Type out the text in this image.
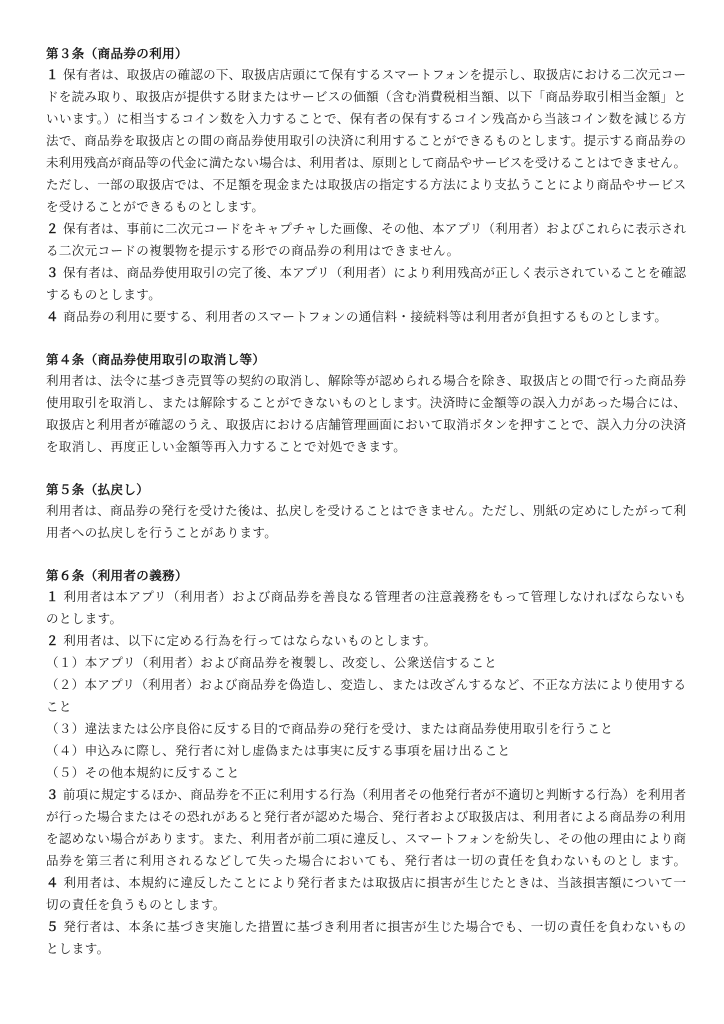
第３条（商品券の利用）
１ 保有者は、取扱店の確認の下、取扱店店頭にて保有するスマートフォンを提示し、取扱店における二次元コー
ドを読み取り、取扱店が提供する財またはサービスの価額（含む消費税相当額、以下「商品券取引相当金額」と
いいます。）に相当するコイン数を入力することで、保有者の保有するコイン残高から当該コイン数を減じる方
法で、商品券を取扱店との間の商品券使用取引の決済に利用することができるものとします。提示する商品券の
未利用残高が商品等の代金に満たない場合は、利用者は、原則として商品やサービスを受けることはできません。
ただし、一部の取扱店では、不足額を現金または取扱店の指定する方法により支払うことにより商品やサービス
を受けることができるものとします。
２ 保有者は、事前に二次元コードをキャプチャした画像、その他、本アプリ（利用者）およびこれらに表示され
る二次元コードの複製物を提示する形での商品券の利用はできません。
３ 保有者は、商品券使用取引の完了後、本アプリ（利用者）により利用残高が正しく表示されていることを確認
するものとします。
４ 商品券の利用に要する、利用者のスマートフォンの通信料・接続料等は利用者が負担するものとします。
第４条（商品券使用取引の取消し等）
利用者は、法令に基づき売買等の契約の取消し、解除等が認められる場合を除き、取扱店との間で行った商品券
使用取引を取消し、または解除することができないものとします。決済時に金額等の誤入力があった場合には、
取扱店と利用者が確認のうえ、取扱店における店舗管理画面において取消ボタンを押すことで、誤入力分の決済
を取消し、再度正しい金額等再入力することで対処できます。
第５条（払戻し）
利用者は、商品券の発行を受けた後は、払戻しを受けることはできません。ただし、別紙の定めにしたがって利
用者への払戻しを行うことがあります。
第６条（利用者の義務）
１ 利用者は本アプリ（利用者）および商品券を善良なる管理者の注意義務をもって管理しなければならないも
のとします。
２ 利用者は、以下に定める行為を行ってはならないものとします。
（１）本アプリ（利用者）および商品券を複製し、改変し、公衆送信すること
（２）本アプリ（利用者）および商品券を偽造し、変造し、または改ざんするなど、不正な方法により使用する
こと
（３）違法または公序良俗に反する目的で商品券の発行を受け、または商品券使用取引を行うこと
（４）申込みに際し、発行者に対し虚偽または事実に反する事項を届け出ること
（５）その他本規約に反すること
３ 前項に規定するほか、商品券を不正に利用する行為（利用者その他発行者が不適切と判断する行為）を利用者
が行った場合またはその恐れがあると発行者が認めた場合、発行者および取扱店は、利用者による商品券の利用
を認めない場合があります。また、利用者が前二項に違反し、スマートフォンを紛失し、その他の理由により商
品券を第三者に利用されるなどして失った場合においても、発行者は一切の責任を負わないものとし ます。
４ 利用者は、本規約に違反したことにより発行者または取扱店に損害が生じたときは、当該損害額について一
切の責任を負うものとします。
５ 発行者は、本条に基づき実施した措置に基づき利用者に損害が生じた場合でも、一切の責任を負わないもの
とします。
